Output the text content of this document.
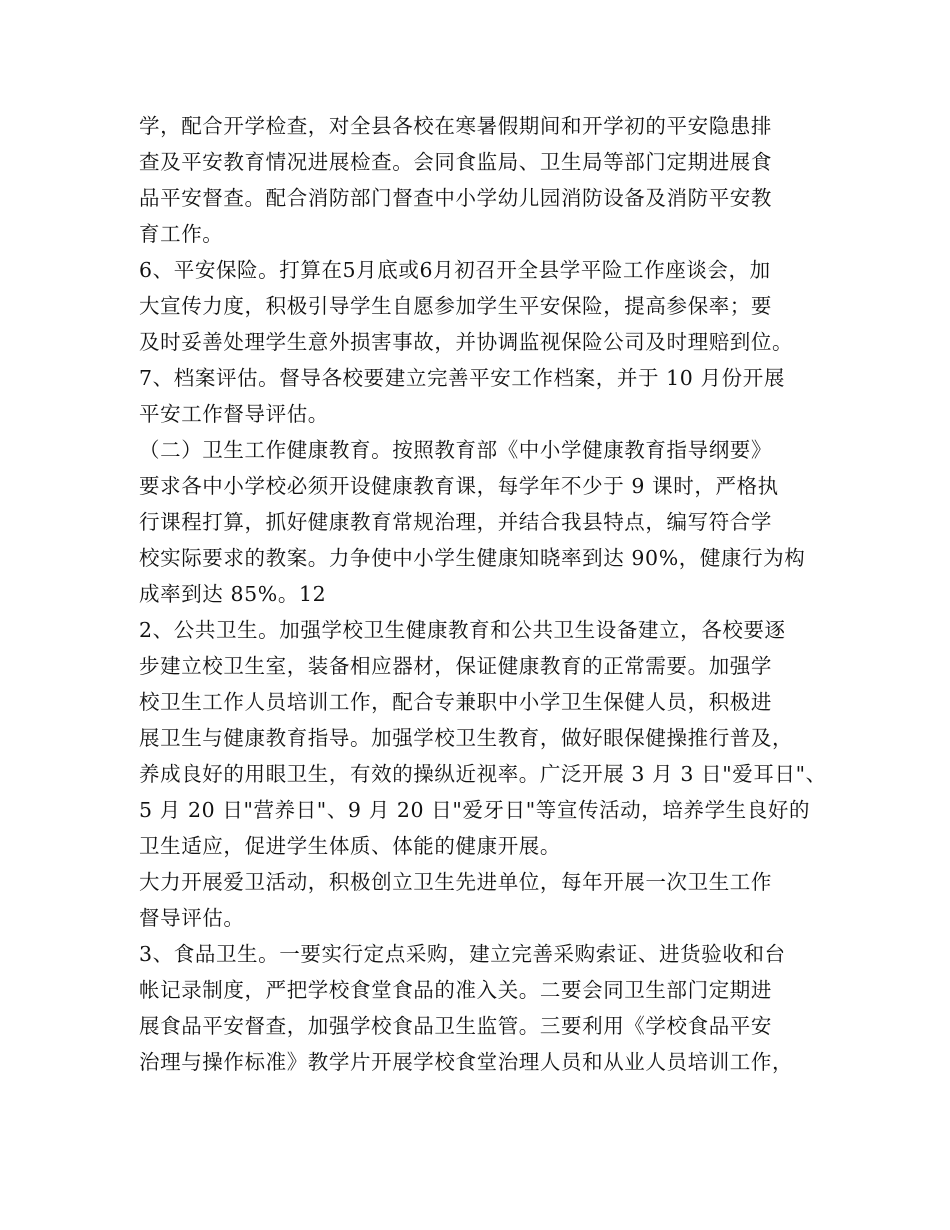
学，配合开学检查，对全县各校在寒暑假期间和开学初的平安隐患排
查及平安教育情况进展检查。会同食监局、卫生局等部门定期进展食
品平安督查。配合消防部门督查中小学幼儿园消防设备及消防平安教
育工作。
6、平安保险。打算在5月底或6月初召开全县学平险工作座谈会，加
大宣传力度，积极引导学生自愿参加学生平安保险，提高参保率；要
及时妥善处理学生意外损害事故，并协调监视保险公司及时理赔到位。
7、档案评估。督导各校要建立完善平安工作档案，并于 10 月份开展
平安工作督导评估。
（二）卫生工作健康教育。按照教育部《中小学健康教育指导纲要》
要求各中小学校必须开设健康教育课，每学年不少于 9 课时，严格执
行课程打算，抓好健康教育常规治理，并结合我县特点，编写符合学
校实际要求的教案。力争使中小学生健康知晓率到达 90%，健康行为构
成率到达 85%。12
2、公共卫生。加强学校卫生健康教育和公共卫生设备建立，各校要逐
步建立校卫生室，装备相应器材，保证健康教育的正常需要。加强学
校卫生工作人员培训工作，配合专兼职中小学卫生保健人员，积极进
展卫生与健康教育指导。加强学校卫生教育，做好眼保健操推行普及，
养成良好的用眼卫生，有效的操纵近视率。广泛开展 3 月 3 日"爱耳日"、
5 月 20 日"营养日"、9 月 20 日"爱牙日"等宣传活动，培养学生良好的
卫生适应，促进学生体质、体能的健康开展。
大力开展爱卫活动，积极创立卫生先进单位，每年开展一次卫生工作
督导评估。
3、食品卫生。一要实行定点采购，建立完善采购索证、进货验收和台
帐记录制度，严把学校食堂食品的准入关。二要会同卫生部门定期进
展食品平安督查，加强学校食品卫生监管。三要利用《学校食品平安
治理与操作标准》教学片开展学校食堂治理人员和从业人员培训工作，
